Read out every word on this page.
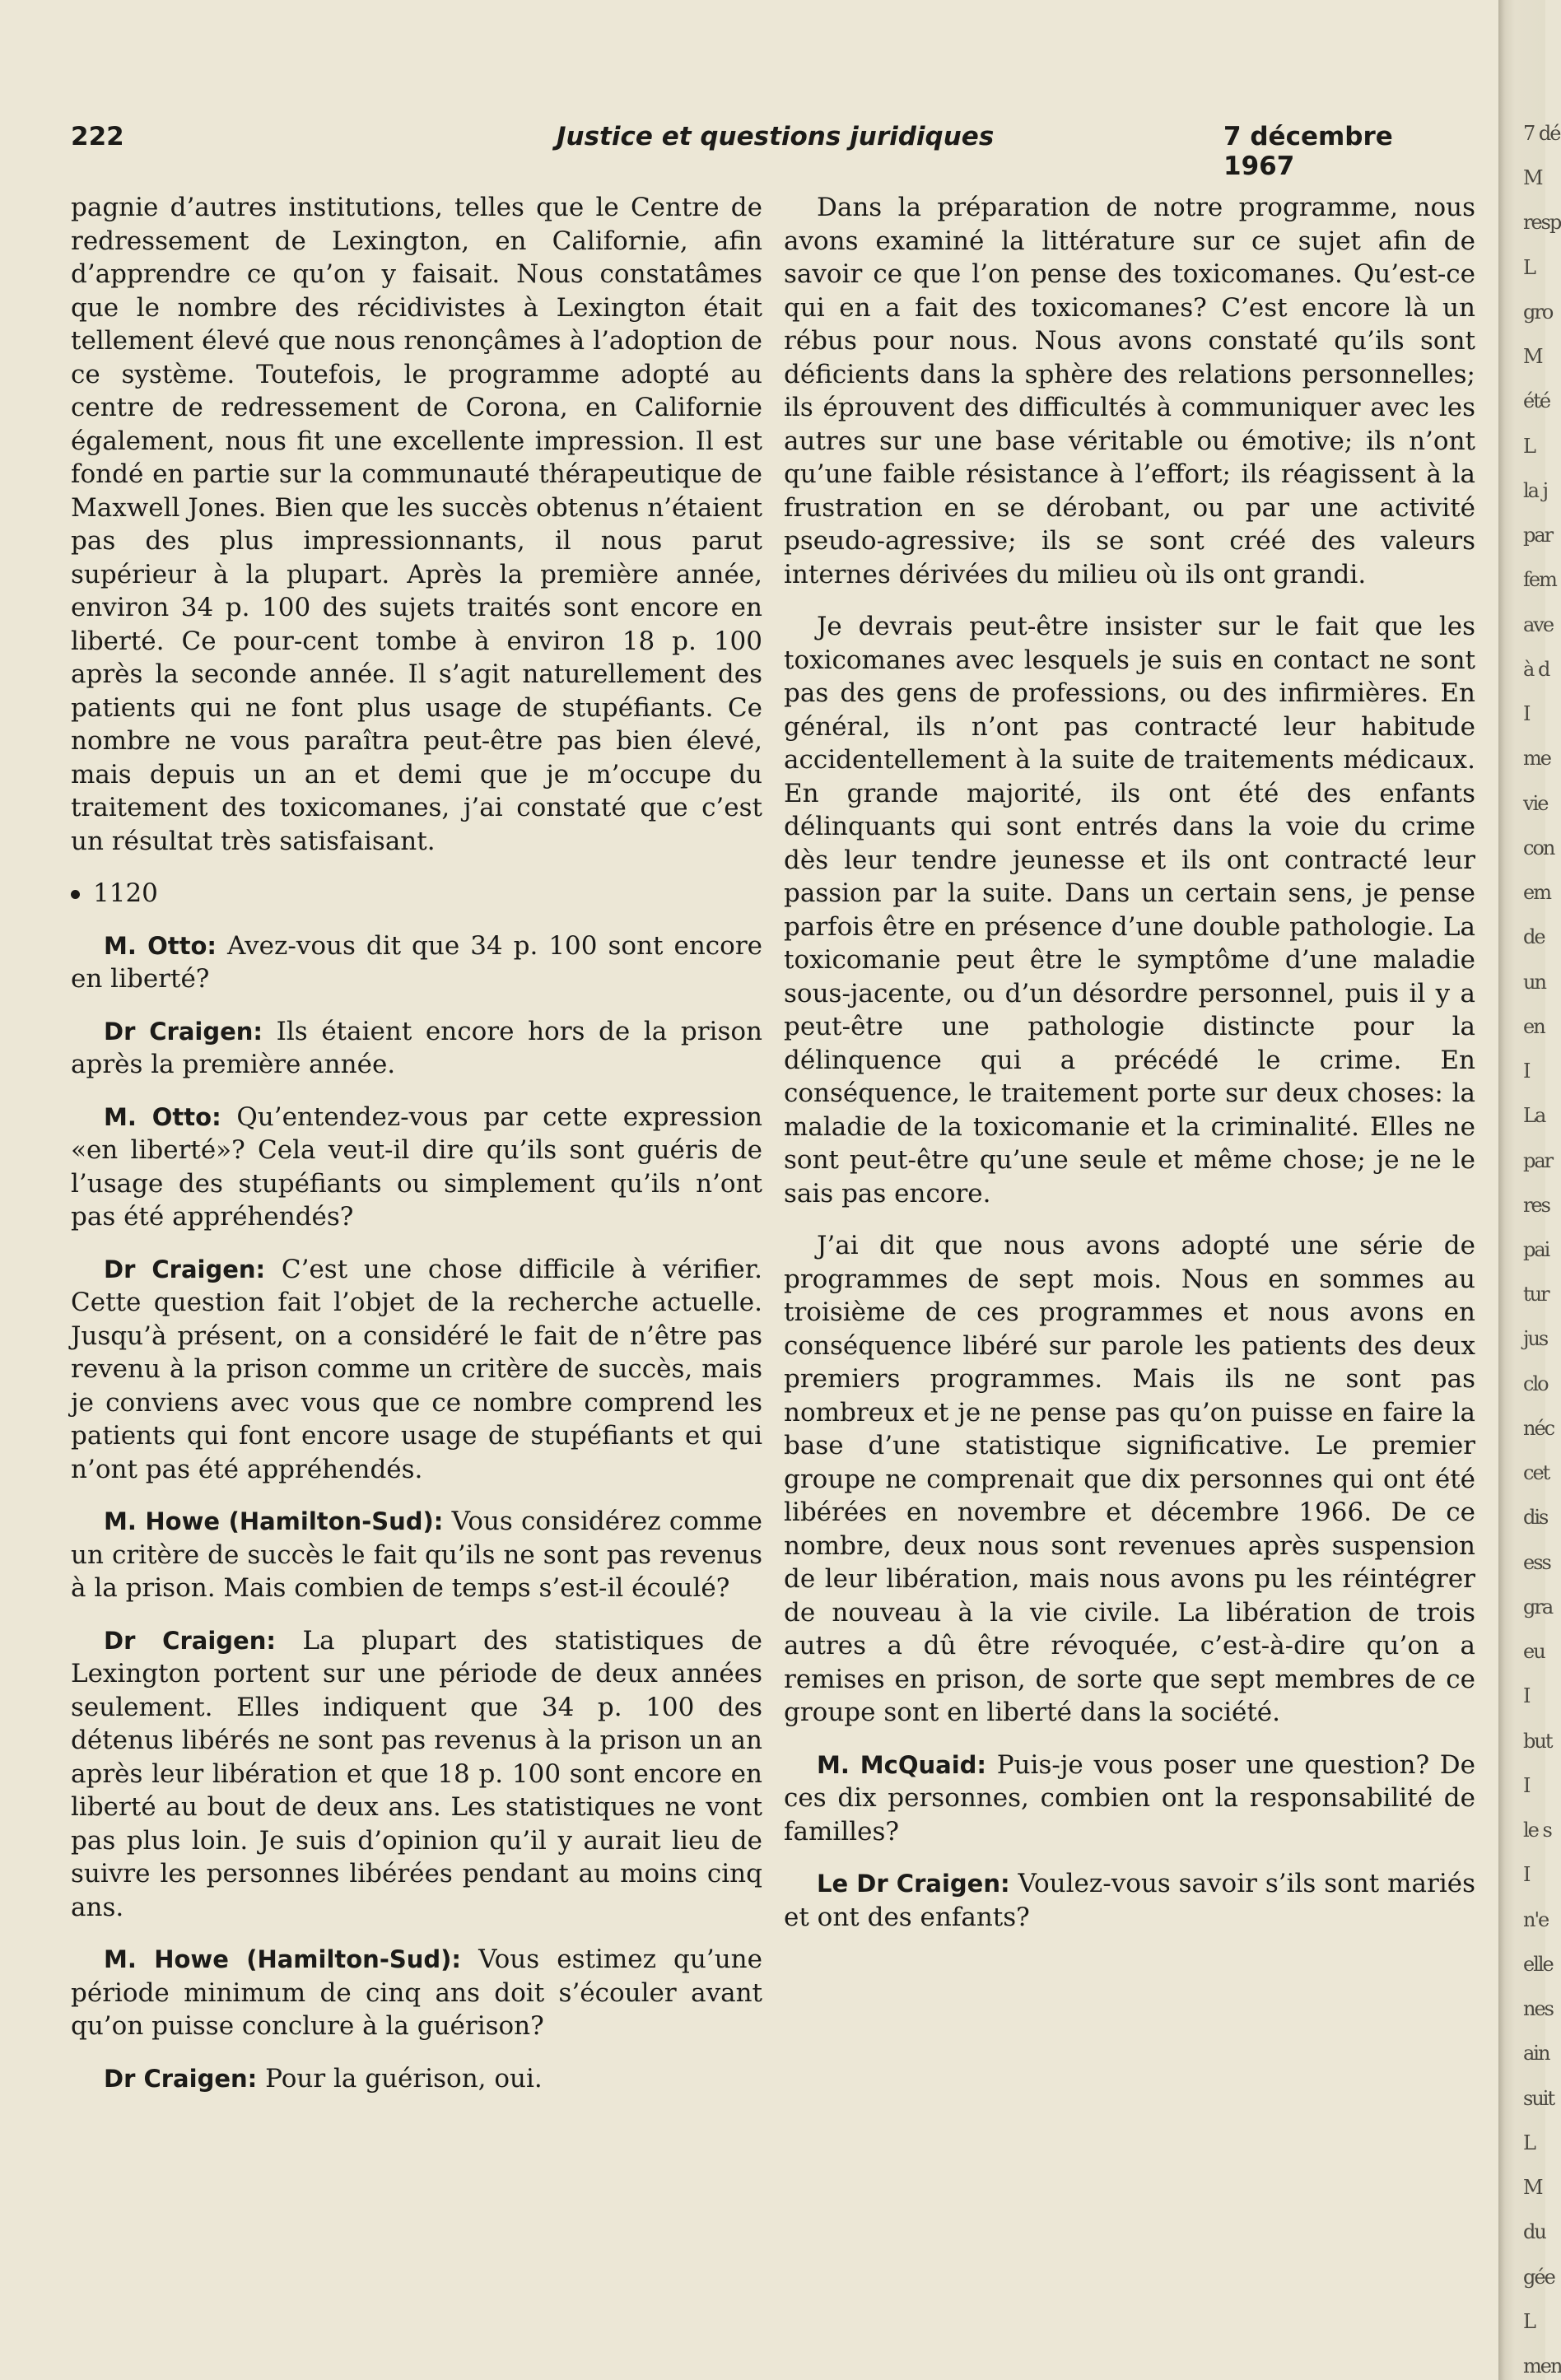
222	Justice et questions juridiques	7 décembre 1967

pagnie d’autres institutions, telles que le Centre de redressement de Lexington, en Californie, afin d’apprendre ce qu’on y faisait. Nous constatâmes que le nombre des récidivistes à Lexington était tellement élevé que nous renonçâmes à l’adoption de ce système. Toutefois, le programme adopté au centre de redressement de Corona, en Californie également, nous fit une excellente impression. Il est fondé en partie sur la communauté thérapeutique de Maxwell Jones. Bien que les succès obtenus n’étaient pas des plus impressionnants, il nous parut supérieur à la plupart. Après la première année, environ 34 p. 100 des sujets traités sont encore en liberté. Ce pour-cent tombe à environ 18 p. 100 après la seconde année. Il s’agit naturellement des patients qui ne font plus usage de stupéfiants. Ce nombre ne vous paraîtra peut-être pas bien élevé, mais depuis un an et demi que je m’occupe du traitement des toxicomanes, j’ai constaté que c’est un résultat très satisfaisant.

1120

M. Otto: Avez-vous dit que 34 p. 100 sont encore en liberté?

Dr Craigen: Ils étaient encore hors de la prison après la première année.

M. Otto: Qu’entendez-vous par cette expression «en liberté»? Cela veut-il dire qu’ils sont guéris de l’usage des stupéfiants ou simplement qu’ils n’ont pas été appréhendés?

Dr Craigen: C’est une chose difficile à vérifier. Cette question fait l’objet de la recherche actuelle. Jusqu’à présent, on a considéré le fait de n’être pas revenu à la prison comme un critère de succès, mais je conviens avec vous que ce nombre comprend les patients qui font encore usage de stupéfiants et qui n’ont pas été appréhendés.

M. Howe (Hamilton-Sud): Vous considérez comme un critère de succès le fait qu’ils ne sont pas revenus à la prison. Mais combien de temps s’est-il écoulé?

Dr Craigen: La plupart des statistiques de Lexington portent sur une période de deux années seulement. Elles indiquent que 34 p. 100 des détenus libérés ne sont pas revenus à la prison un an après leur libération et que 18 p. 100 sont encore en liberté au bout de deux ans. Les statistiques ne vont pas plus loin. Je suis d’opinion qu’il y aurait lieu de suivre les personnes libérées pendant au moins cinq ans.

M. Howe (Hamilton-Sud): Vous estimez qu’une période minimum de cinq ans doit s’écouler avant qu’on puisse conclure à la guérison?

Dr Craigen: Pour la guérison, oui.

Dans la préparation de notre programme, nous avons examiné la littérature sur ce sujet afin de savoir ce que l’on pense des toxicomanes. Qu’est-ce qui en a fait des toxicomanes? C’est encore là un rébus pour nous. Nous avons constaté qu’ils sont déficients dans la sphère des relations personnelles; ils éprouvent des difficultés à communiquer avec les autres sur une base véritable ou émotive; ils n’ont qu’une faible résistance à l’effort; ils réagissent à la frustration en se dérobant, ou par une activité pseudo-agressive; ils se sont créé des valeurs internes dérivées du milieu où ils ont grandi.

Je devrais peut-être insister sur le fait que les toxicomanes avec lesquels je suis en contact ne sont pas des gens de professions, ou des infirmières. En général, ils n’ont pas contracté leur habitude accidentellement à la suite de traitements médicaux. En grande majorité, ils ont été des enfants délinquants qui sont entrés dans la voie du crime dès leur tendre jeunesse et ils ont contracté leur passion par la suite. Dans un certain sens, je pense parfois être en présence d’une double pathologie. La toxicomanie peut être le symptôme d’une maladie sous-jacente, ou d’un désordre personnel, puis il y a peut-être une pathologie distincte pour la délinquence qui a précédé le crime. En conséquence, le traitement porte sur deux choses: la maladie de la toxicomanie et la criminalité. Elles ne sont peut-être qu’une seule et même chose; je ne le sais pas encore.

J’ai dit que nous avons adopté une série de programmes de sept mois. Nous en sommes au troisième de ces programmes et nous avons en conséquence libéré sur parole les patients des deux premiers programmes. Mais ils ne sont pas nombreux et je ne pense pas qu’on puisse en faire la base d’une statistique significative. Le premier groupe ne comprenait que dix personnes qui ont été libérées en novembre et décembre 1966. De ce nombre, deux nous sont revenues après suspension de leur libération, mais nous avons pu les réintégrer de nouveau à la vie civile. La libération de trois autres a dû être révoquée, c’est-à-dire qu’on a remises en prison, de sorte que sept membres de ce groupe sont en liberté dans la société.

M. McQuaid: Puis-je vous poser une question? De ces dix personnes, combien ont la responsabilité de familles?

Le Dr Craigen: Voulez-vous savoir s’ils sont mariés et ont des enfants?

7 dé
M
resp
L
gro
M
été
L
la j
par
fem
ave
à d
I
me
vie
con
em
de
un
en
I
La
par
res
pai
tur
jus
clo
néc
cet
dis
ess
gra
eu
I
but
I
le s
I
n'e
elle
nes
ain
suit
L
M
du
gée
L
men
